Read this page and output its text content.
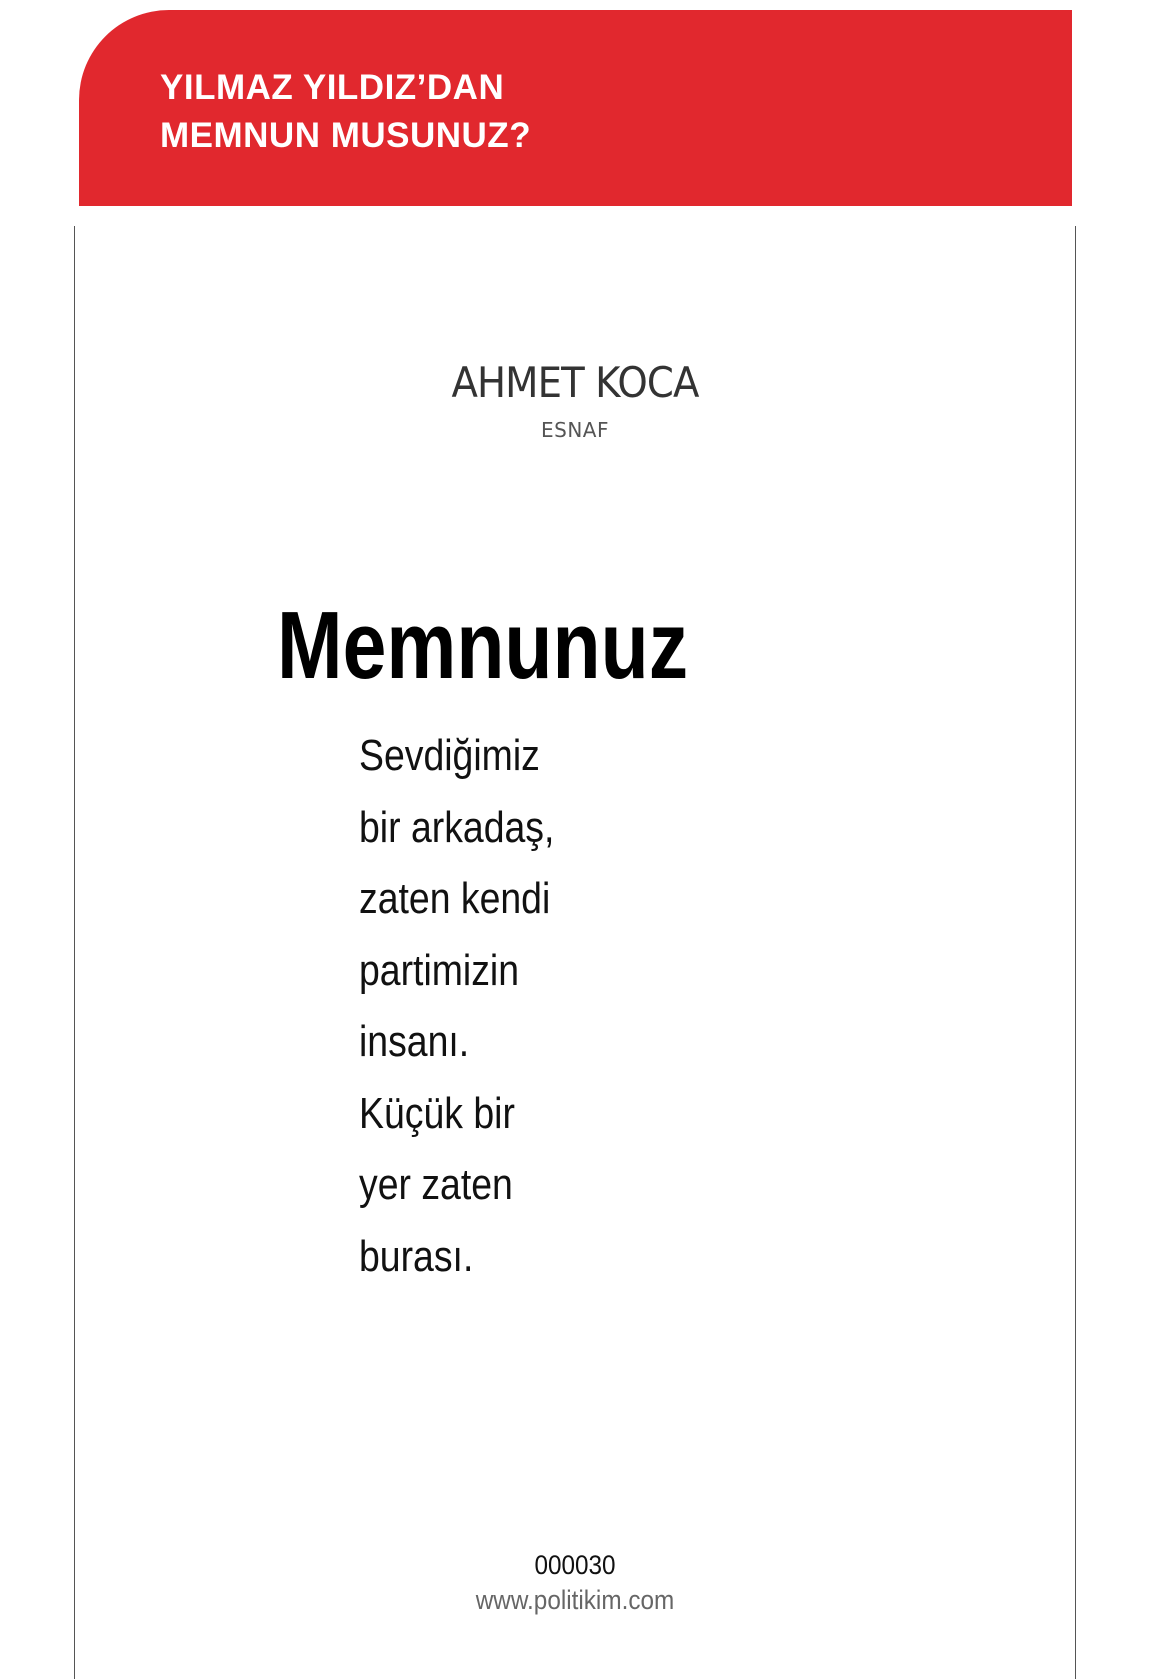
YILMAZ YILDIZ’DAN
MEMNUN MUSUNUZ?
AHMET KOCA
ESNAF
Memnunuz
Sevdiğimiz
bir arkadaş,
zaten kendi
partimizin
insanı.
Küçük bir
yer zaten
burası.
000030
www.politikim.com
